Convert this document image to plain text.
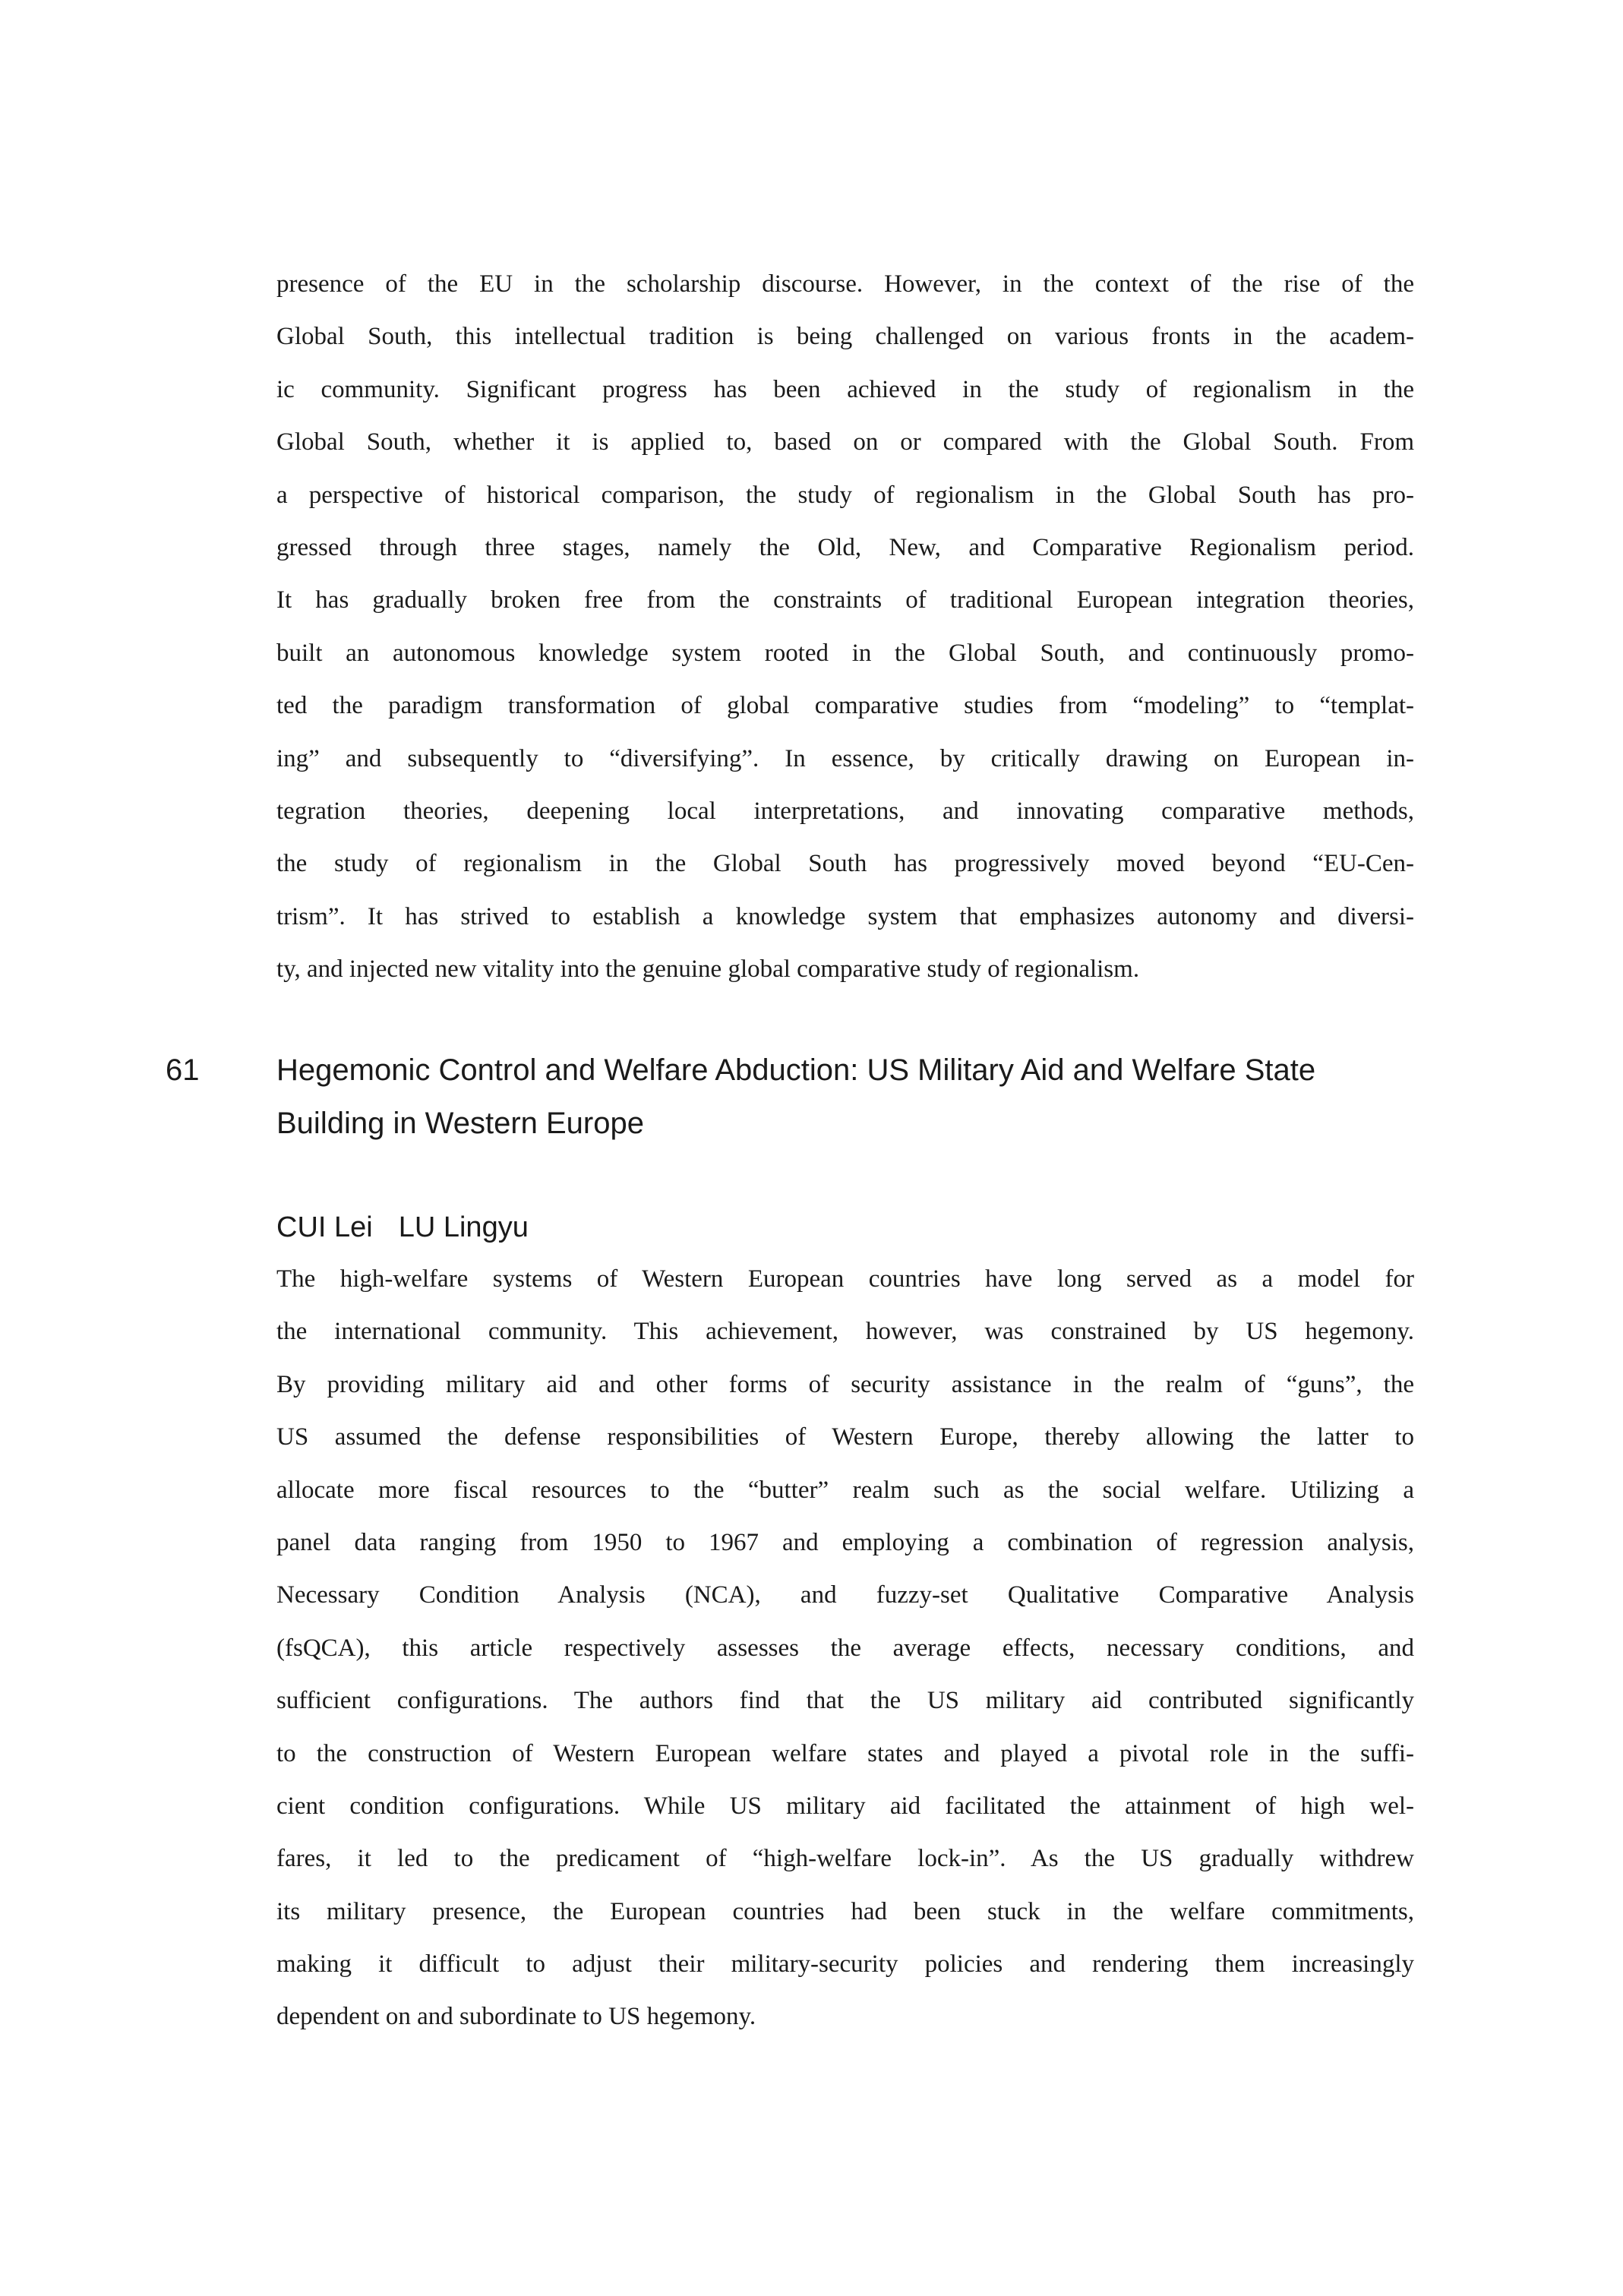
presence of the EU in the scholarship discourse. However, in the context of the rise of the
Global South, this intellectual tradition is being challenged on various fronts in the academ-
ic community. Significant progress has been achieved in the study of regionalism in the
Global South, whether it is applied to, based on or compared with the Global South. From
a perspective of historical comparison, the study of regionalism in the Global South has pro-
gressed through three stages, namely the Old, New, and Comparative Regionalism period.
It has gradually broken free from the constraints of traditional European integration theories,
built an autonomous knowledge system rooted in the Global South, and continuously promo-
ted the paradigm transformation of global comparative studies from “modeling” to “templat-
ing” and subsequently to “diversifying”. In essence, by critically drawing on European in-
tegration theories, deepening local interpretations, and innovating comparative methods,
the study of regionalism in the Global South has progressively moved beyond “EU-Cen-
trism”. It has strived to establish a knowledge system that emphasizes autonomy and diversi-
ty, and injected new vitality into the genuine global comparative study of regionalism.
61	Hegemonic Control and Welfare Abduction: US Military Aid and Welfare State
Building in Western Europe
CUI Lei LU Lingyu
The high-welfare systems of Western European countries have long served as a model for
the international community. This achievement, however, was constrained by US hegemony.
By providing military aid and other forms of security assistance in the realm of “guns”, the
US assumed the defense responsibilities of Western Europe, thereby allowing the latter to
allocate more fiscal resources to the “butter” realm such as the social welfare. Utilizing a
panel data ranging from 1950 to 1967 and employing a combination of regression analysis,
Necessary Condition Analysis (NCA), and fuzzy-set Qualitative Comparative Analysis
(fsQCA), this article respectively assesses the average effects, necessary conditions, and
sufficient configurations. The authors find that the US military aid contributed significantly
to the construction of Western European welfare states and played a pivotal role in the suffi-
cient condition configurations. While US military aid facilitated the attainment of high wel-
fares, it led to the predicament of “high-welfare lock-in”. As the US gradually withdrew
its military presence, the European countries had been stuck in the welfare commitments,
making it difficult to adjust their military-security policies and rendering them increasingly
dependent on and subordinate to US hegemony.
